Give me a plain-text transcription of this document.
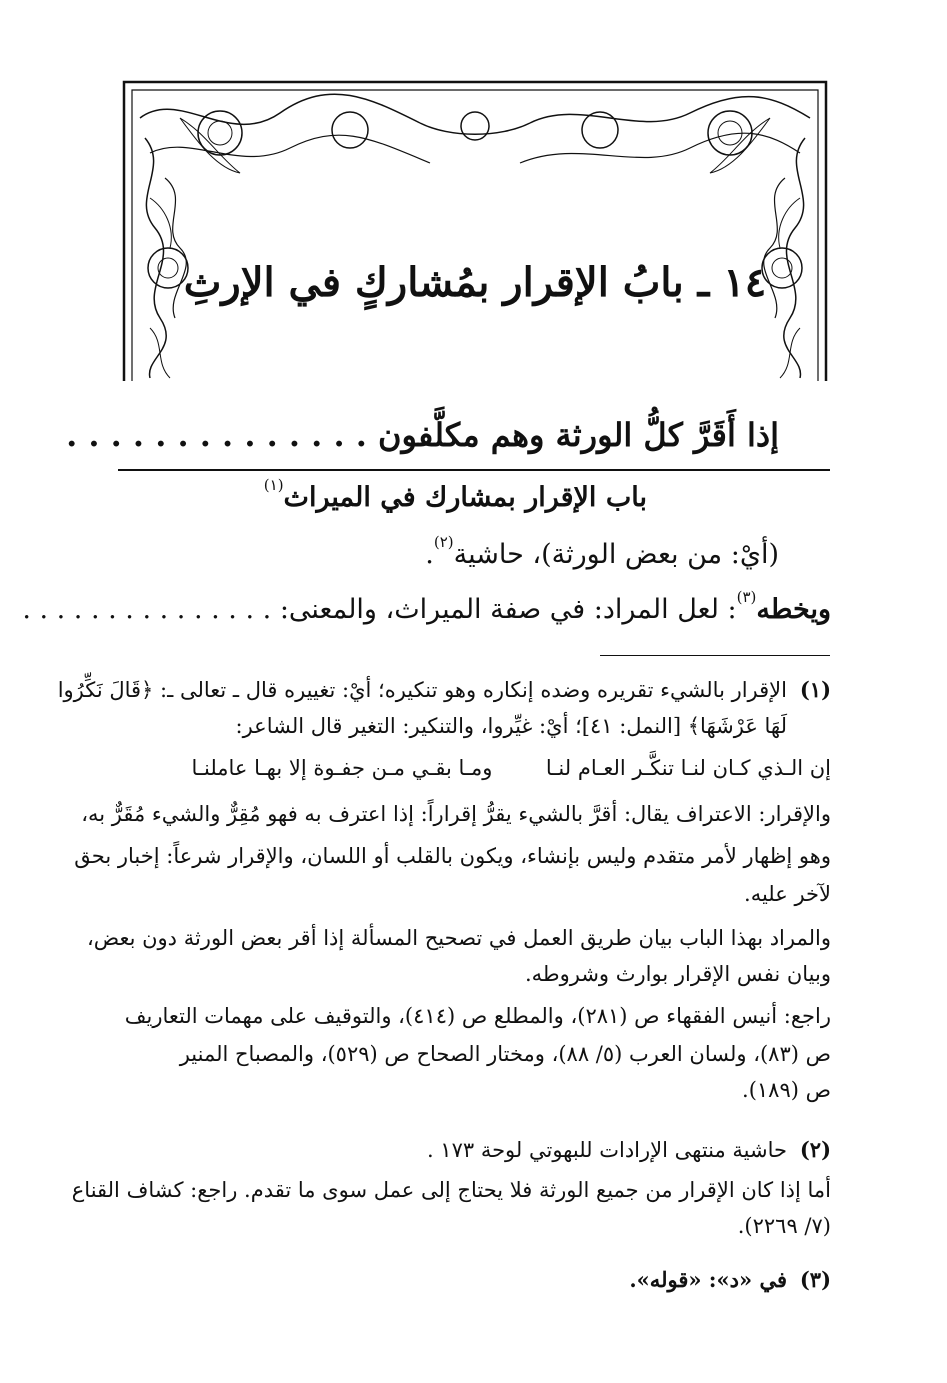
١٤ ـ بابُ الإقرار بمُشاركٍ في الإرثِ
إذا أَقَرَّ كلُّ الورثة وهم مكلَّفون . . . . . . . . . . . . . .
باب الإقرار بمشارك في الميراث$^{(١)}$
(أيْ: من بعض الورثة)، حاشية$^{(٢)}$.
ويخطه$^{(٣)}$: لعل المراد: في صفة الميراث، والمعنى: . . . . . . . . . . . . . . .
(١)الإقرار بالشيء تقريره وضده إنكاره وهو تنكيره؛ أيْ: تغييره قال ـ تعالى ـ: ﴿قَالَ نَكِّرُوا
لَهَا عَرْشَهَا﴾ [النمل: ٤١]؛ أيْ: غيِّروا، والتنكير: التغير قال الشاعر:
إن الـذي كـان لنـا تنكَّـر العـام لنـا        ومـا بقـي مـن جفـوة إلا بهـا عاملنـا
والإقرار: الاعتراف يقال: أقرَّ بالشيء يقرُّ إقراراً: إذا اعترف به فهو مُقِرٌّ والشيء مُقَرٌّ به،
وهو إظهار لأمر متقدم وليس بإنشاء، ويكون بالقلب أو اللسان، والإقرار شرعاً: إخبار بحق
لآخر عليه.
والمراد بهذا الباب بيان طريق العمل في تصحيح المسألة إذا أقر بعض الورثة دون بعض،
وبيان نفس الإقرار بوارث وشروطه.
راجع: أنيس الفقهاء ص (٢٨١)، والمطلع ص (٤١٤)، والتوقيف على مهمات التعاريف
ص (٨٣)، ولسان العرب (٥/ ٨٨)، ومختار الصحاح ص (٥٢٩)، والمصباح المنير
ص (١٨٩).
(٢)حاشية منتهى الإرادات للبهوتي لوحة ١٧٣ .
أما إذا كان الإقرار من جميع الورثة فلا يحتاج إلى عمل سوى ما تقدم. راجع: كشاف القناع
(٧/ ٢٢٦٩).
(٣)في «د»: «قوله».
